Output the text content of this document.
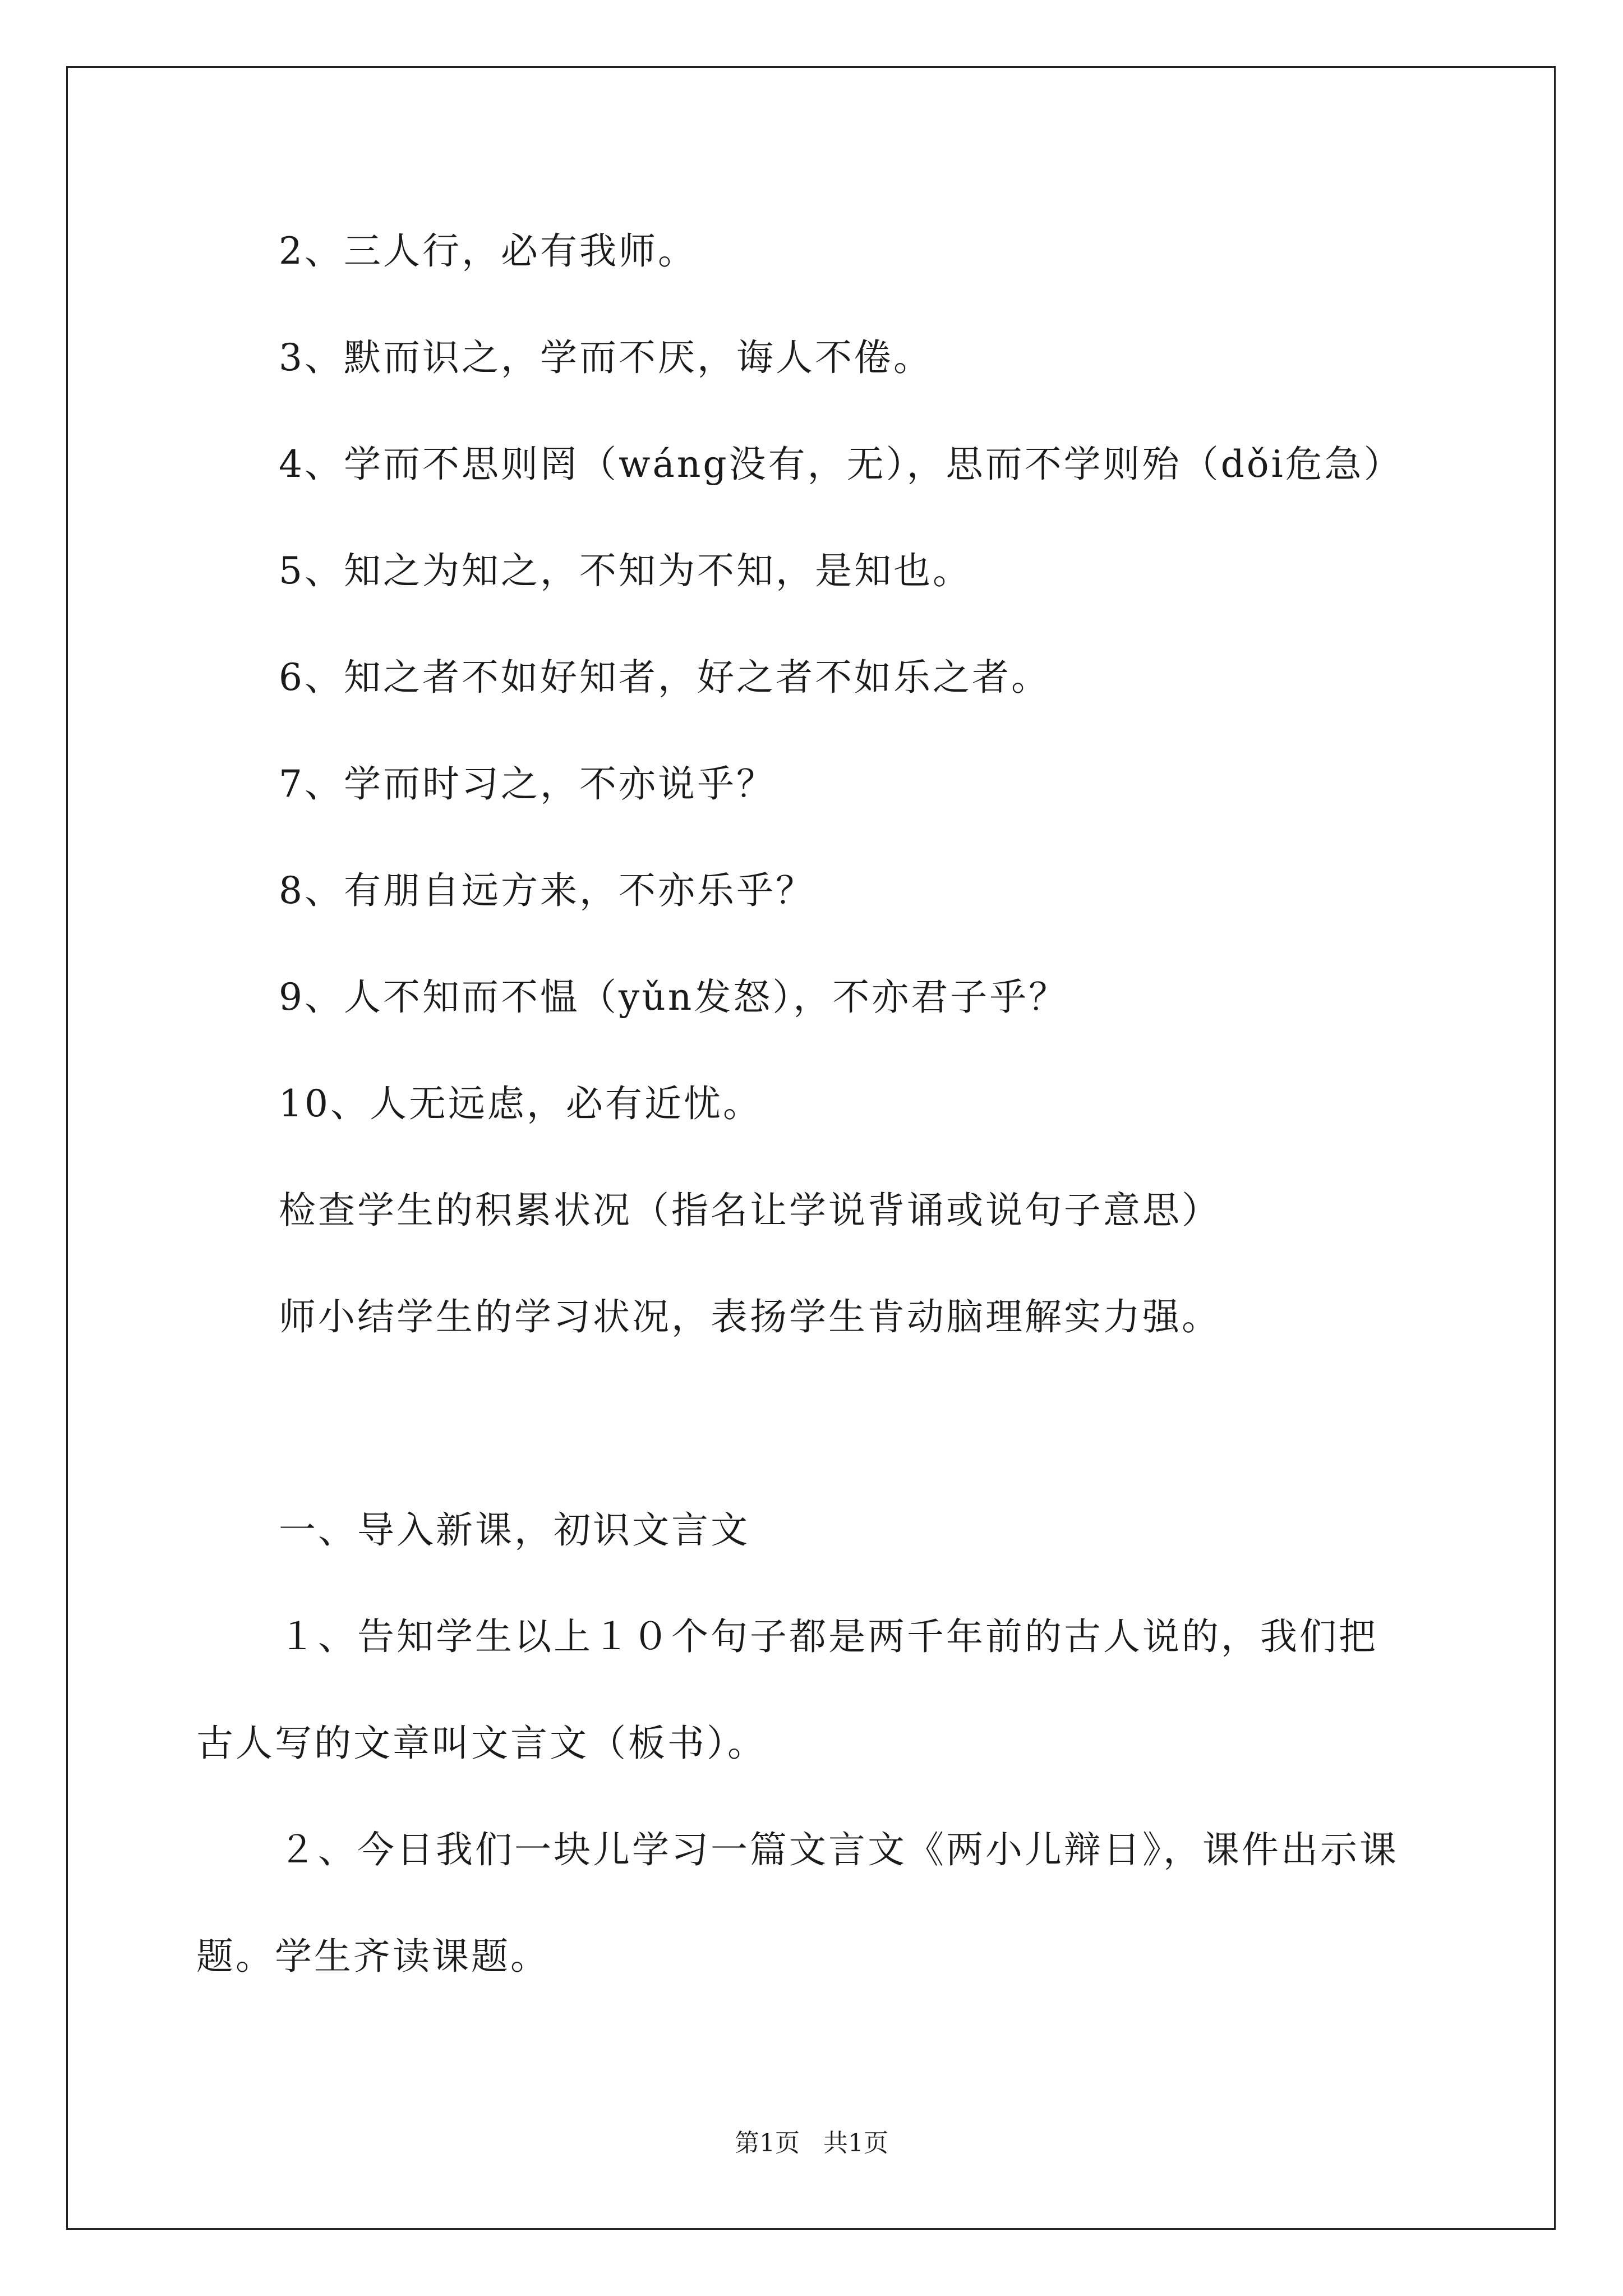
2、三人行，必有我师。
3、默而识之，学而不厌，诲人不倦。
4、学而不思则罔（wáng没有，无），思而不学则殆（dǒi危急）
5、知之为知之，不知为不知，是知也。
6、知之者不如好知者，好之者不如乐之者。
7、学而时习之，不亦说乎？
8、有朋自远方来，不亦乐乎？
9、人不知而不愠（yǔn发怒），不亦君子乎？
10、人无远虑，必有近忧。
检查学生的积累状况（指名让学说背诵或说句子意思）
师小结学生的学习状况，表扬学生肯动脑理解实力强。
一、导入新课，初识文言文
１、告知学生以上１０个句子都是两千年前的古人说的，我们把
古人写的文章叫文言文（板书）。
２、今日我们一块儿学习一篇文言文《两小儿辩日》，课件出示课
题。学生齐读课题。
第1页   共1页
